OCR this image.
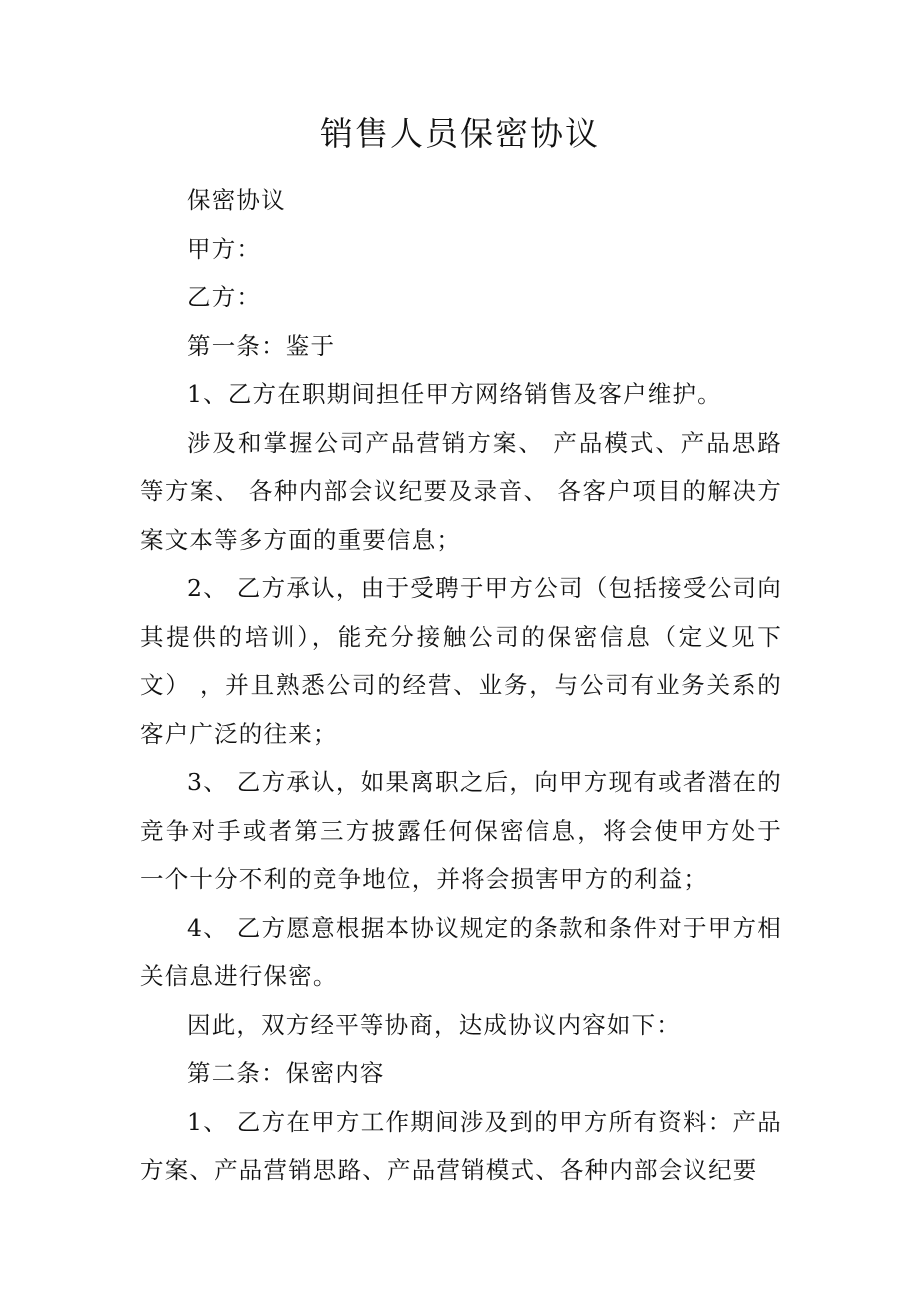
销售人员保密协议

保密协议

甲方：

乙方：

第一条：鉴于

1、乙方在职期间担任甲方网络销售及客户维护。

涉及和掌握公司产品营销方案、 产品模式、产品思路等方案、 各种内部会议纪要及录音、 各客户项目的解决方案文本等多方面的重要信息；

2、 乙方承认，由于受聘于甲方公司（包括接受公司向其提供的培训），能充分接触公司的保密信息（定义见下文） ，并且熟悉公司的经营、业务，与公司有业务关系的客户广泛的往来；

3、 乙方承认，如果离职之后，向甲方现有或者潜在的竞争对手或者第三方披露任何保密信息，将会使甲方处于一个十分不利的竞争地位，并将会损害甲方的利益；

4、 乙方愿意根据本协议规定的条款和条件对于甲方相关信息进行保密。

因此，双方经平等协商，达成协议内容如下：

第二条：保密内容

1、 乙方在甲方工作期间涉及到的甲方所有资料：产品方案、产品营销思路、产品营销模式、各种内部会议纪要
